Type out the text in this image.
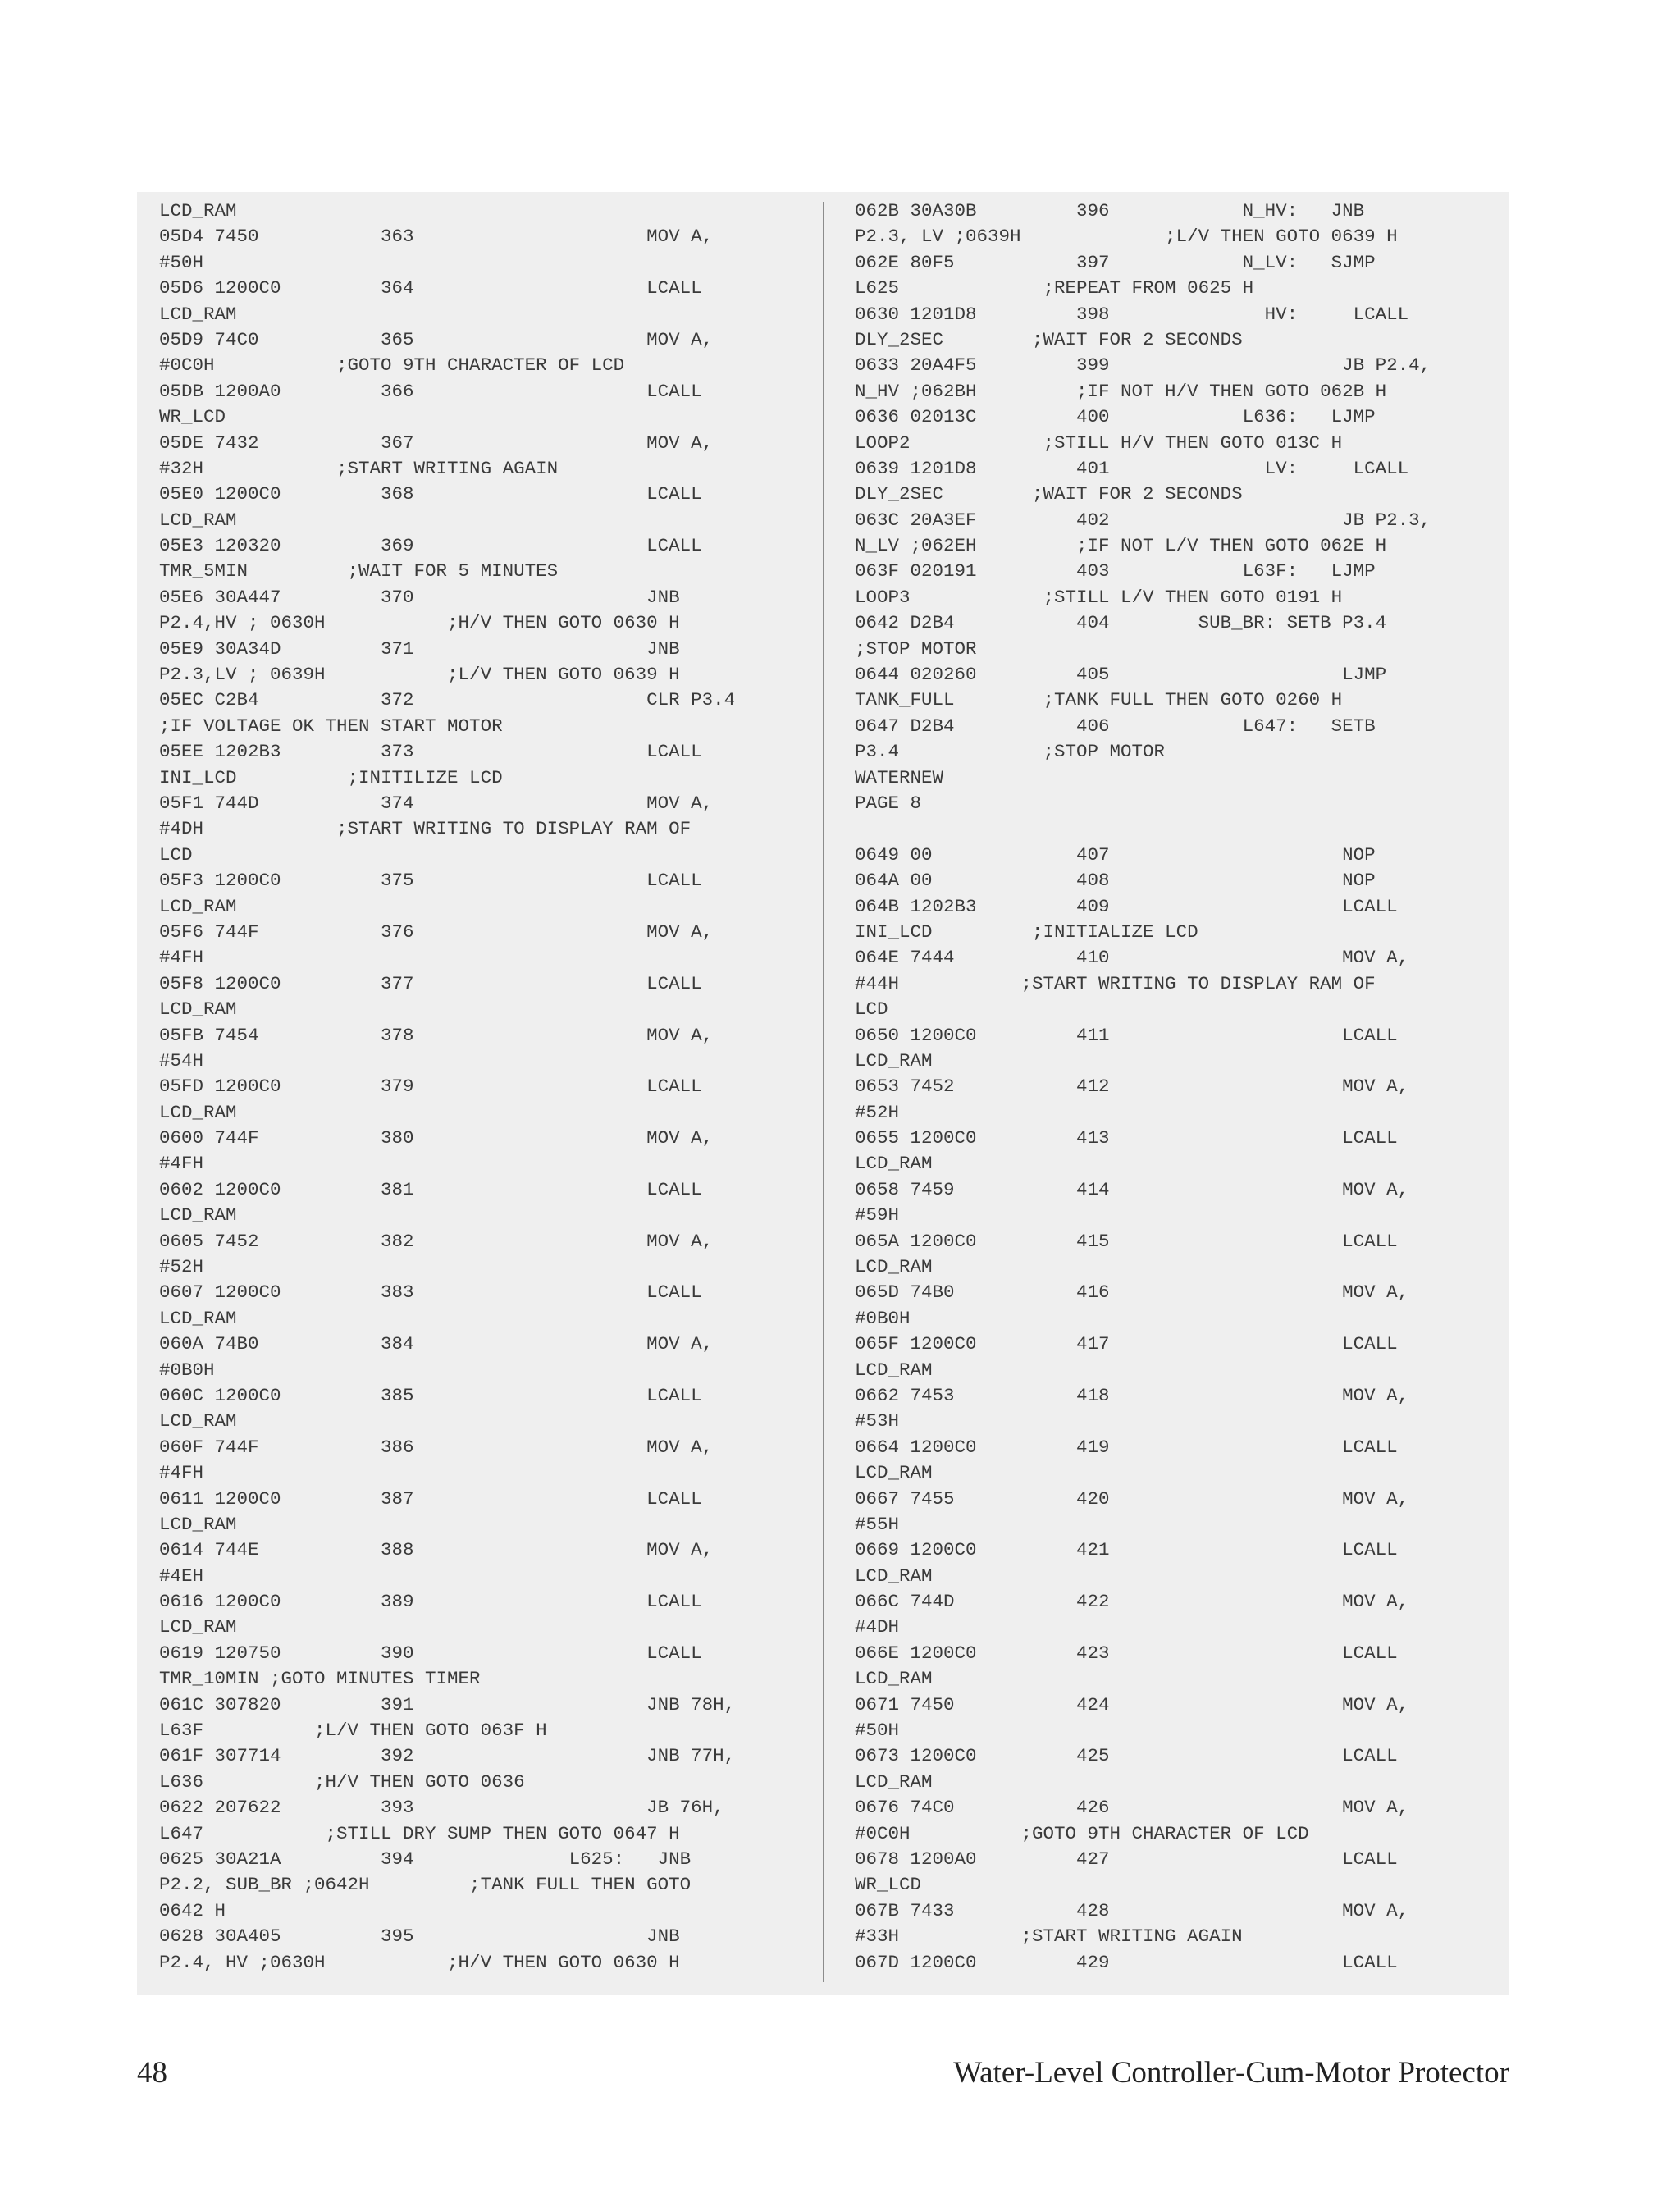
LCD_RAM
05D4 7450           363                     MOV A,
#50H
05D6 1200C0         364                     LCALL
LCD_RAM
05D9 74C0           365                     MOV A,
#0C0H           ;GOTO 9TH CHARACTER OF LCD
05DB 1200A0         366                     LCALL
WR_LCD
05DE 7432           367                     MOV A,
#32H            ;START WRITING AGAIN
05E0 1200C0         368                     LCALL
LCD_RAM
05E3 120320         369                     LCALL
TMR_5MIN         ;WAIT FOR 5 MINUTES
05E6 30A447         370                     JNB
P2.4,HV ; 0630H           ;H/V THEN GOTO 0630 H
05E9 30A34D         371                     JNB
P2.3,LV ; 0639H           ;L/V THEN GOTO 0639 H
05EC C2B4           372                     CLR P3.4
;IF VOLTAGE OK THEN START MOTOR
05EE 1202B3         373                     LCALL
INI_LCD          ;INITILIZE LCD
05F1 744D           374                     MOV A,
#4DH            ;START WRITING TO DISPLAY RAM OF
LCD
05F3 1200C0         375                     LCALL
LCD_RAM
05F6 744F           376                     MOV A,
#4FH
05F8 1200C0         377                     LCALL
LCD_RAM
05FB 7454           378                     MOV A,
#54H
05FD 1200C0         379                     LCALL
LCD_RAM
0600 744F           380                     MOV A,
#4FH
0602 1200C0         381                     LCALL
LCD_RAM
0605 7452           382                     MOV A,
#52H
0607 1200C0         383                     LCALL
LCD_RAM
060A 74B0           384                     MOV A,
#0B0H
060C 1200C0         385                     LCALL
LCD_RAM
060F 744F           386                     MOV A,
#4FH
0611 1200C0         387                     LCALL
LCD_RAM
0614 744E           388                     MOV A,
#4EH
0616 1200C0         389                     LCALL
LCD_RAM
0619 120750         390                     LCALL
TMR_10MIN ;GOTO MINUTES TIMER
061C 307820         391                     JNB 78H,
L63F          ;L/V THEN GOTO 063F H
061F 307714         392                     JNB 77H,
L636          ;H/V THEN GOTO 0636
0622 207622         393                     JB 76H,
L647           ;STILL DRY SUMP THEN GOTO 0647 H
0625 30A21A         394              L625:   JNB
P2.2, SUB_BR ;0642H         ;TANK FULL THEN GOTO
0642 H
0628 30A405         395                     JNB
P2.4, HV ;0630H           ;H/V THEN GOTO 0630 H
062B 30A30B         396            N_HV:   JNB
P2.3, LV ;0639H             ;L/V THEN GOTO 0639 H
062E 80F5           397            N_LV:   SJMP
L625             ;REPEAT FROM 0625 H
0630 1201D8         398              HV:     LCALL
DLY_2SEC        ;WAIT FOR 2 SECONDS
0633 20A4F5         399                     JB P2.4,
N_HV ;062BH         ;IF NOT H/V THEN GOTO 062B H
0636 02013C         400            L636:   LJMP
LOOP2            ;STILL H/V THEN GOTO 013C H
0639 1201D8         401              LV:     LCALL
DLY_2SEC        ;WAIT FOR 2 SECONDS
063C 20A3EF         402                     JB P2.3,
N_LV ;062EH         ;IF NOT L/V THEN GOTO 062E H
063F 020191         403            L63F:   LJMP
LOOP3            ;STILL L/V THEN GOTO 0191 H
0642 D2B4           404        SUB_BR: SETB P3.4
;STOP MOTOR
0644 020260         405                     LJMP
TANK_FULL        ;TANK FULL THEN GOTO 0260 H
0647 D2B4           406            L647:   SETB
P3.4             ;STOP MOTOR
WATERNEW
PAGE 8
0649 00             407                     NOP
064A 00             408                     NOP
064B 1202B3         409                     LCALL
INI_LCD         ;INITIALIZE LCD
064E 7444           410                     MOV A,
#44H           ;START WRITING TO DISPLAY RAM OF
LCD
0650 1200C0         411                     LCALL
LCD_RAM
0653 7452           412                     MOV A,
#52H
0655 1200C0         413                     LCALL
LCD_RAM
0658 7459           414                     MOV A,
#59H
065A 1200C0         415                     LCALL
LCD_RAM
065D 74B0           416                     MOV A,
#0B0H
065F 1200C0         417                     LCALL
LCD_RAM
0662 7453           418                     MOV A,
#53H
0664 1200C0         419                     LCALL
LCD_RAM
0667 7455           420                     MOV A,
#55H
0669 1200C0         421                     LCALL
LCD_RAM
066C 744D           422                     MOV A,
#4DH
066E 1200C0         423                     LCALL
LCD_RAM
0671 7450           424                     MOV A,
#50H
0673 1200C0         425                     LCALL
LCD_RAM
0676 74C0           426                     MOV A,
#0C0H          ;GOTO 9TH CHARACTER OF LCD
0678 1200A0         427                     LCALL
WR_LCD
067B 7433           428                     MOV A,
#33H           ;START WRITING AGAIN
067D 1200C0         429                     LCALL
48	Water-Level Controller-Cum-Motor Protector
